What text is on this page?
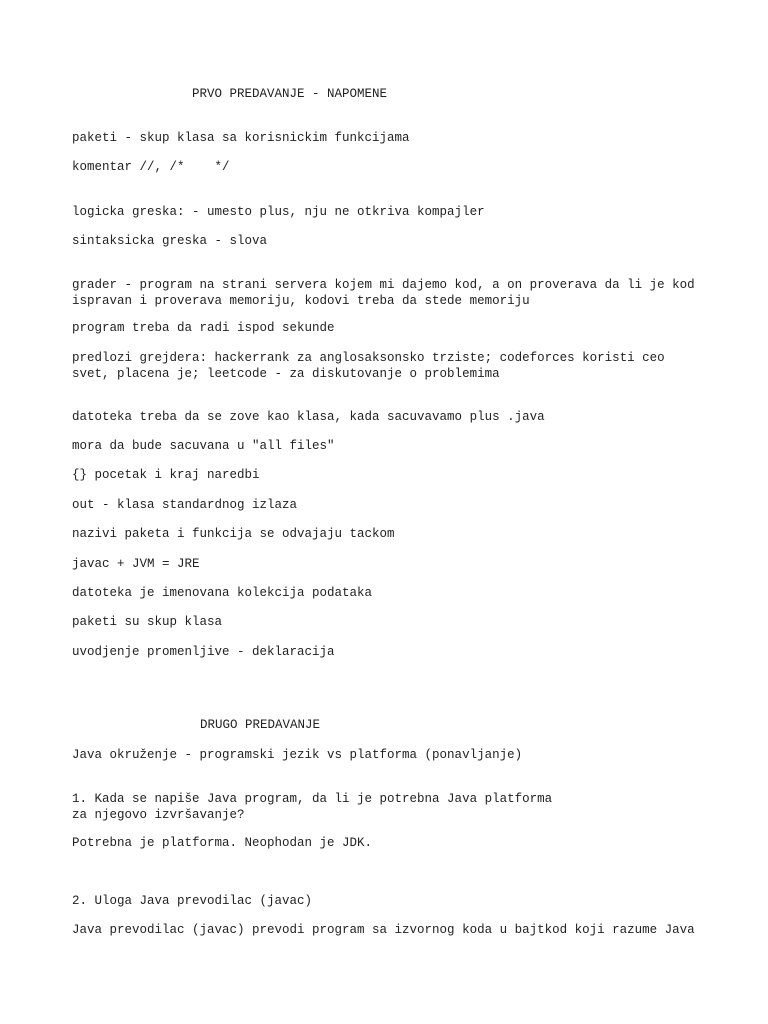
PRVO PREDAVANJE - NAPOMENE
paketi - skup klasa sa korisnickim funkcijama
komentar //, /*    */
logicka greska: - umesto plus, nju ne otkriva kompajler
sintaksicka greska - slova
grader - program na strani servera kojem mi dajemo kod, a on proverava da li je kod
ispravan i proverava memoriju, kodovi treba da stede memoriju
program treba da radi ispod sekunde
predlozi grejdera: hackerrank za anglosaksonsko trziste; codeforces koristi ceo
svet, placena je; leetcode - za diskutovanje o problemima
datoteka treba da se zove kao klasa, kada sacuvavamo plus .java
mora da bude sacuvana u "all files"
{} pocetak i kraj naredbi
out - klasa standardnog izlaza
nazivi paketa i funkcija se odvajaju tackom
javac + JVM = JRE
datoteka je imenovana kolekcija podataka
paketi su skup klasa
uvodjenje promenljive - deklaracija
DRUGO PREDAVANJE
Java okruženje - programski jezik vs platforma (ponavljanje)
1. Kada se napiše Java program, da li je potrebna Java platforma
za njegovo izvršavanje?
Potrebna je platforma. Neophodan je JDK.
2. Uloga Java prevodilac (javac)
Java prevodilac (javac) prevodi program sa izvornog koda u bajtkod koji razume Java
